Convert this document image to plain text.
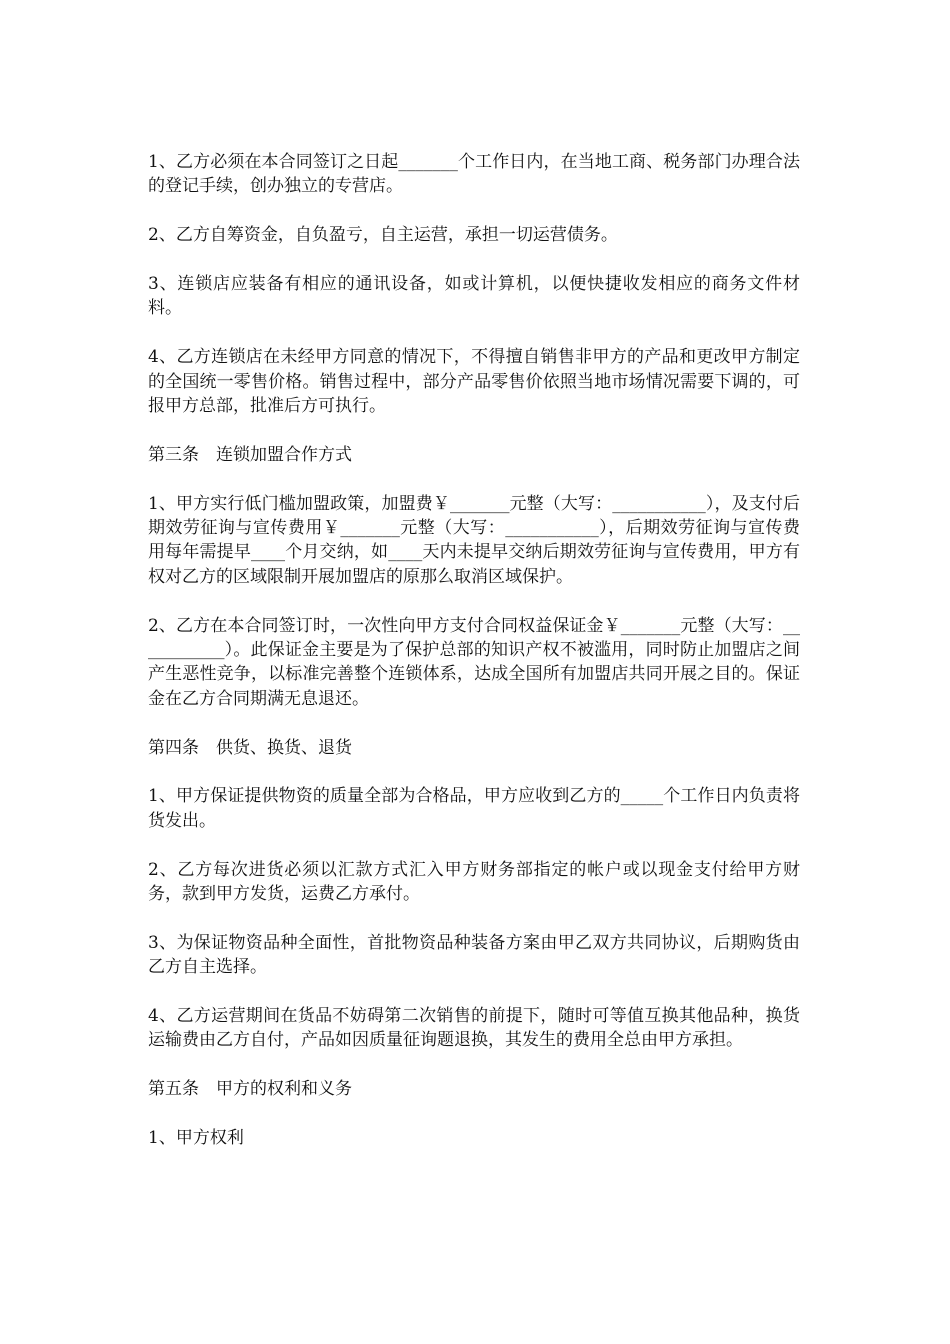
1、乙方必须在本合同签订之日起_______个工作日内，在当地工商、税务部门办理合法的登记手续，创办独立的专营店。

2、乙方自筹资金，自负盈亏，自主运营，承担一切运营债务。

3、连锁店应装备有相应的通讯设备，如或计算机，以便快捷收发相应的商务文件材料。

4、乙方连锁店在未经甲方同意的情况下，不得擅自销售非甲方的产品和更改甲方制定的全国统一零售价格。销售过程中，部分产品零售价依照当地市场情况需要下调的，可报甲方总部，批准后方可执行。

第三条　连锁加盟合作方式

1、甲方实行低门槛加盟政策，加盟费￥_______元整（大写：___________），及支付后期效劳征询与宣传费用￥_______元整（大写：___________），后期效劳征询与宣传费用每年需提早____个月交纳，如____天内未提早交纳后期效劳征询与宣传费用，甲方有权对乙方的区域限制开展加盟店的原那么取消区域保护。

2、乙方在本合同签订时，一次性向甲方支付合同权益保证金￥_______元整（大写：___________）。此保证金主要是为了保护总部的知识产权不被滥用，同时防止加盟店之间产生恶性竞争，以标准完善整个连锁体系，达成全国所有加盟店共同开展之目的。保证金在乙方合同期满无息退还。

第四条　供货、换货、退货

1、甲方保证提供物资的质量全部为合格品，甲方应收到乙方的_____个工作日内负责将货发出。

2、乙方每次进货必须以汇款方式汇入甲方财务部指定的帐户或以现金支付给甲方财务，款到甲方发货，运费乙方承付。

3、为保证物资品种全面性，首批物资品种装备方案由甲乙双方共同协议，后期购货由乙方自主选择。

4、乙方运营期间在货品不妨碍第二次销售的前提下，随时可等值互换其他品种，换货运输费由乙方自付，产品如因质量征询题退换，其发生的费用全总由甲方承担。

第五条　甲方的权利和义务

1、甲方权利
